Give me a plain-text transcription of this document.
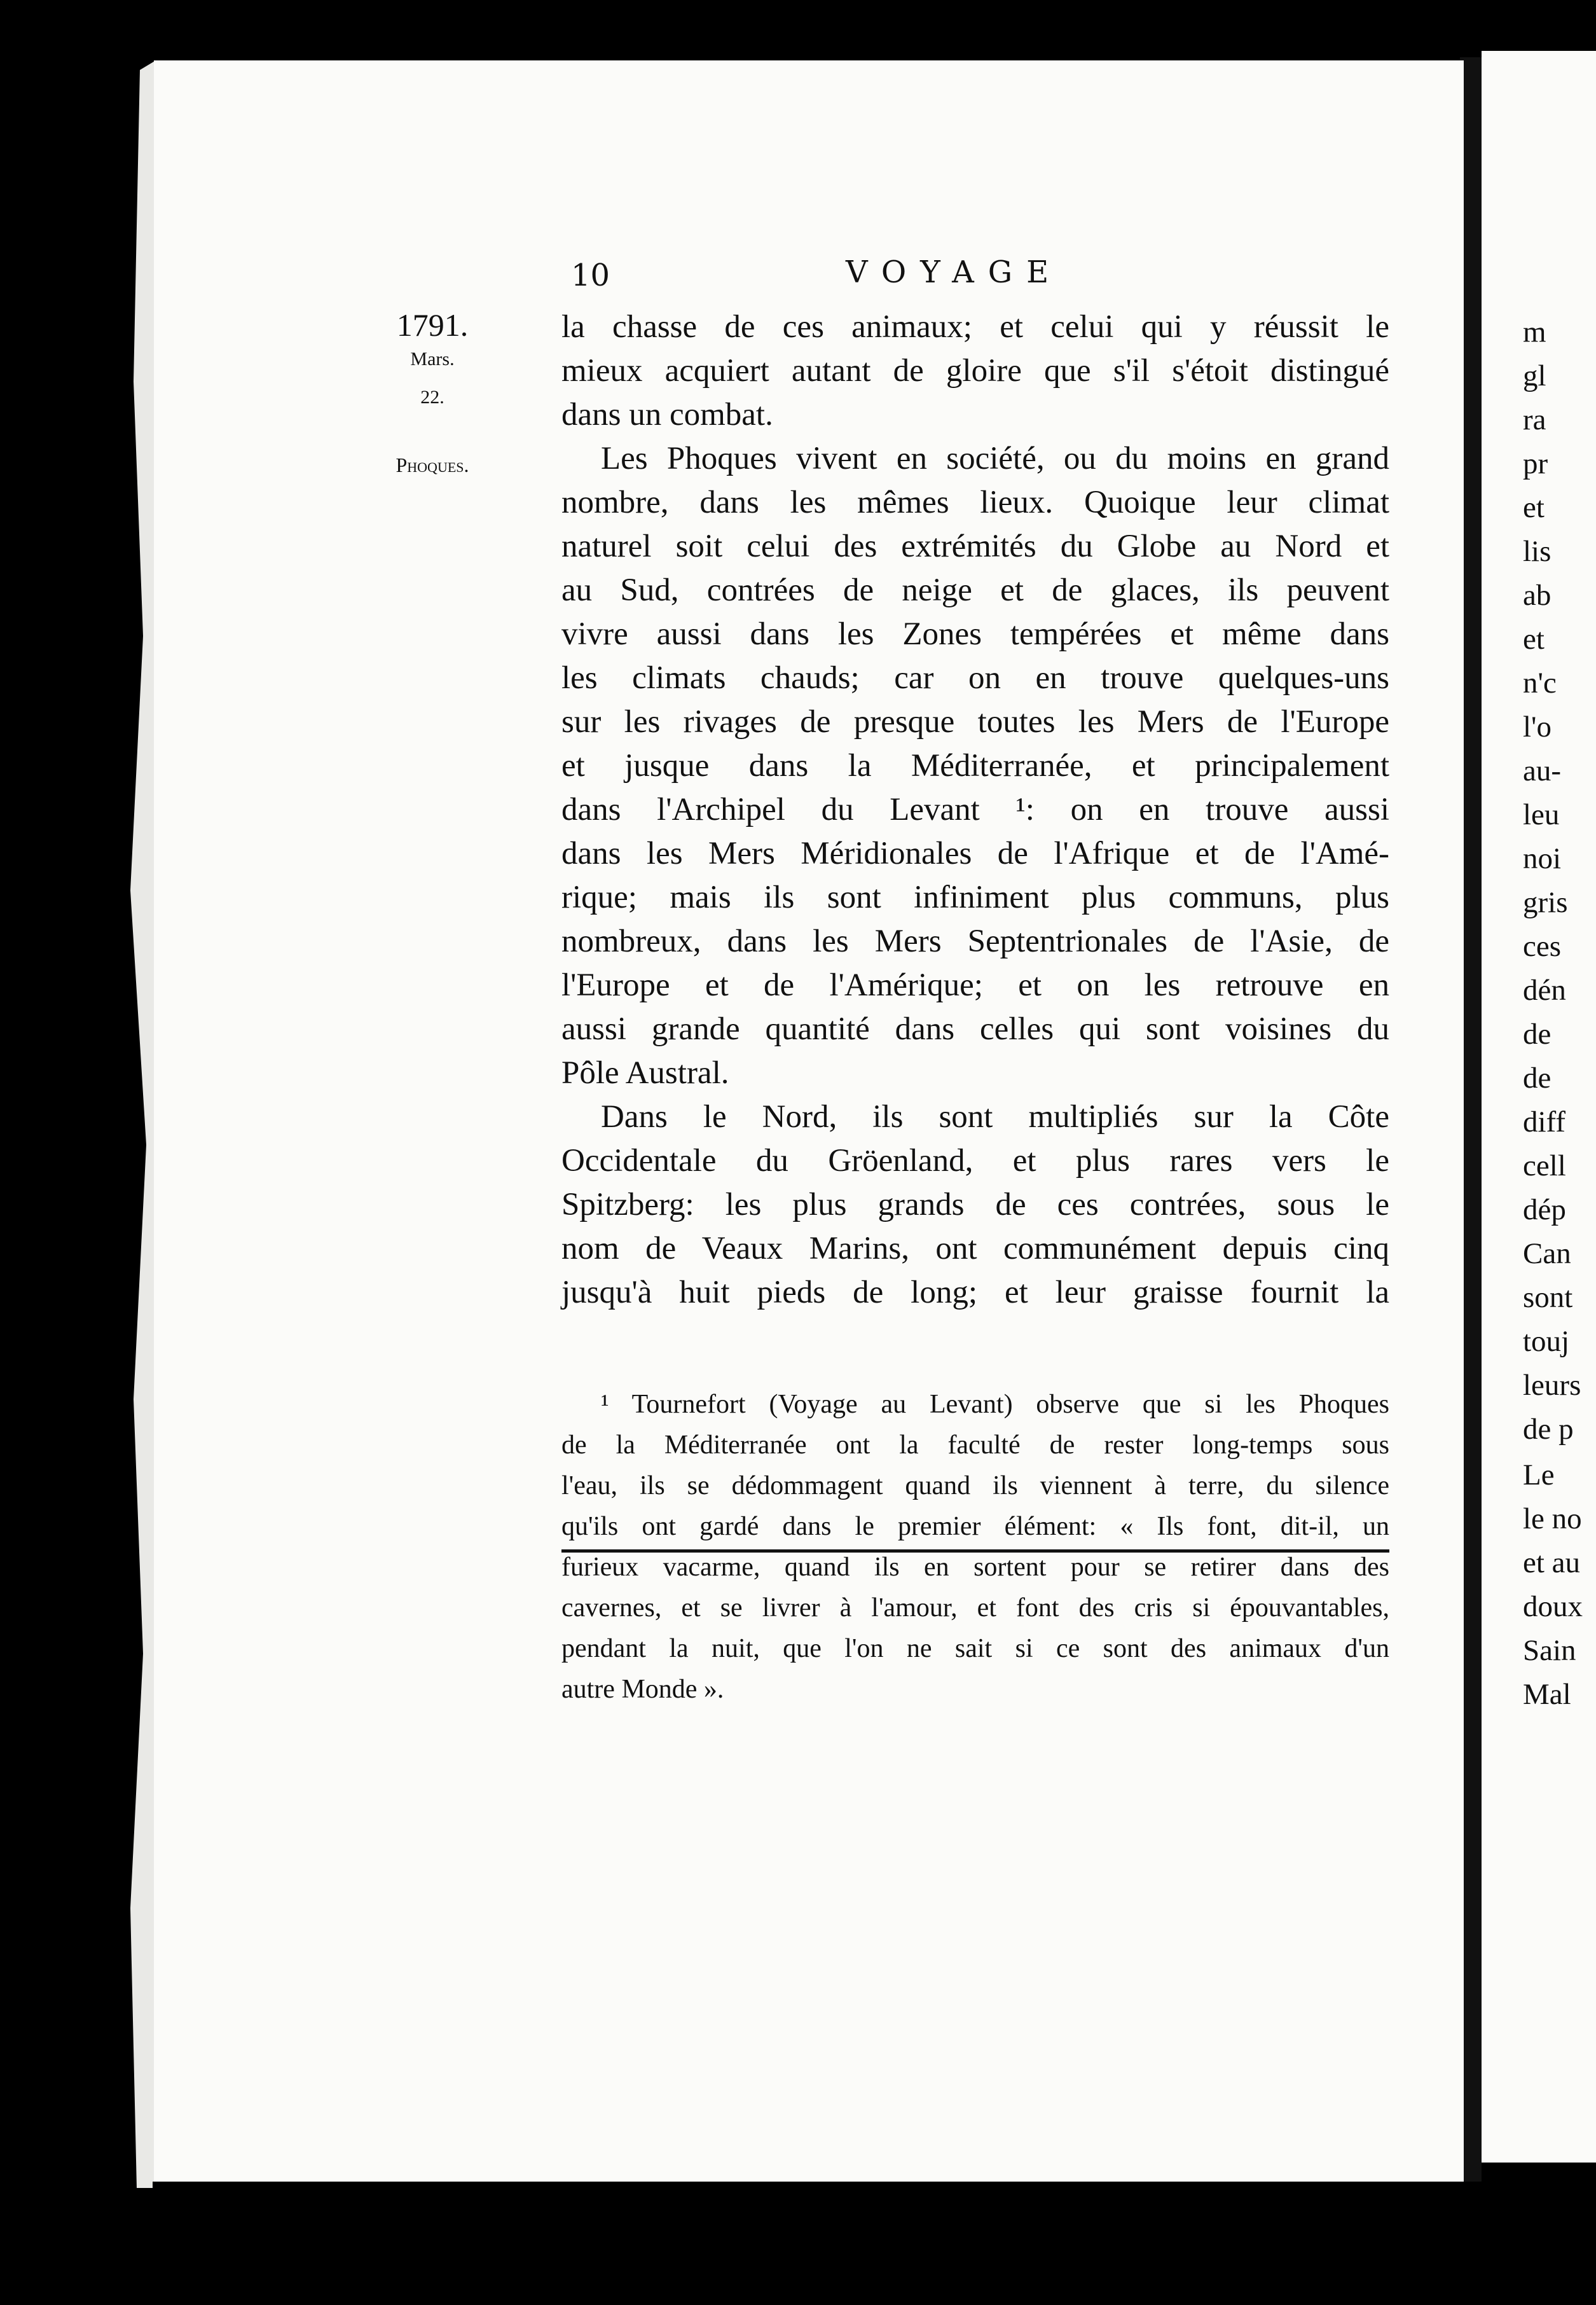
10	VOYAGE
1791.
Mars.
22.
Phoques.
la chasse de ces animaux; et celui qui y réussit le
mieux acquiert autant de gloire que s'il s'étoit distingué
dans un combat.
Les Phoques vivent en société, ou du moins en grand
nombre, dans les mêmes lieux. Quoique leur climat
naturel soit celui des extrémités du Globe au Nord et
au Sud, contrées de neige et de glaces, ils peuvent
vivre aussi dans les Zones tempérées et même dans
les climats chauds; car on en trouve quelques-uns
sur les rivages de presque toutes les Mers de l'Europe
et jusque dans la Méditerranée, et principalement
dans l'Archipel du Levant ¹: on en trouve aussi
dans les Mers Méridionales de l'Afrique et de l'Amé-
rique; mais ils sont infiniment plus communs, plus
nombreux, dans les Mers Septentrionales de l'Asie, de
l'Europe et de l'Amérique; et on les retrouve en
aussi grande quantité dans celles qui sont voisines du
Pôle Austral.
Dans le Nord, ils sont multipliés sur la Côte
Occidentale du Gröenland, et plus rares vers le
Spitzberg: les plus grands de ces contrées, sous le
nom de Veaux Marins, ont communément depuis cinq
jusqu'à huit pieds de long; et leur graisse fournit la
¹ Tournefort (Voyage au Levant) observe que si les Phoques
de la Méditerranée ont la faculté de rester long-temps sous
l'eau, ils se dédommagent quand ils viennent à terre, du silence
qu'ils ont gardé dans le premier élément: « Ils font, dit-il, un
furieux vacarme, quand ils en sortent pour se retirer dans des
cavernes, et se livrer à l'amour, et font des cris si épouvantables,
pendant la nuit, que l'on ne sait si ce sont des animaux d'un
autre Monde ».
m
gl
ra
pr
et
lis
ab
et
n'c
l'o
au-
leu
noi
gris
ces
dén
de
de
diff
cell
dép
Can
sont
touj
leurs
de p
Le
le no
et au
doux
Sain
Mal
